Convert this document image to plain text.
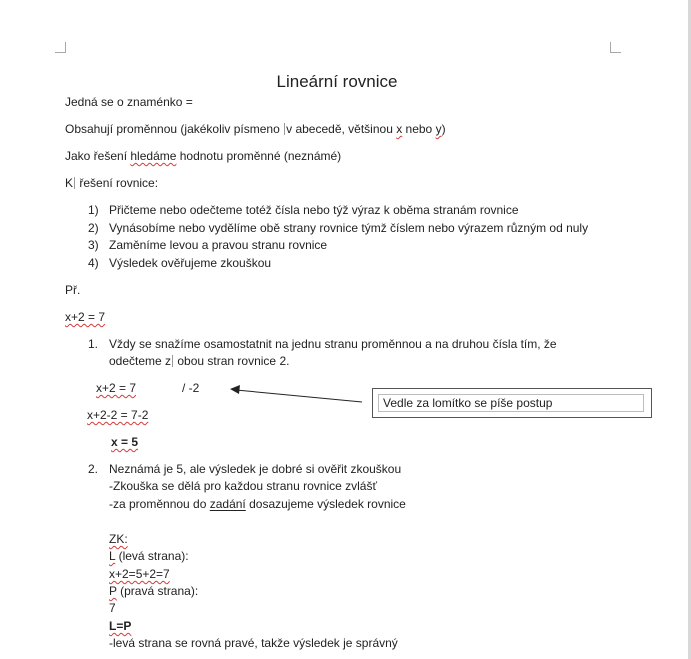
Lineární rovnice
Jedná se o znaménko =
Obsahují proměnnou (jakékoliv písmeno v abecedě, většinou x nebo y)
Jako řešení hledáme hodnotu proměnné (neznámé)
K řešení rovnice:
1) Přičteme nebo odečteme totéž čísla nebo týž výraz k oběma stranám rovnice
2) Vynásobíme nebo vydělíme obě strany rovnice týmž číslem nebo výrazem různým od nuly
3) Zaměníme levou a pravou stranu rovnice
4) Výsledek ověřujeme zkouškou
Př.
x+2 = 7
1. Vždy se snažíme osamostatnit na jednu stranu proměnnou a na druhou čísla tím, že
odečteme z obou stran rovnice 2.
x+2 = 7	/ -2
x+2-2 = 7-2
x = 5
Vedle za lomítko se píše postup
2. Neznámá je 5, ale výsledek je dobré si ověřit zkouškou
-Zkouška se dělá pro každou stranu rovnice zvlášť
-za proměnnou do zadání dosazujeme výsledek rovnice
ZK:
L (levá strana):
x+2=5+2=7
P (pravá strana):
7
L=P
-levá strana se rovná pravé, takže výsledek je správný
